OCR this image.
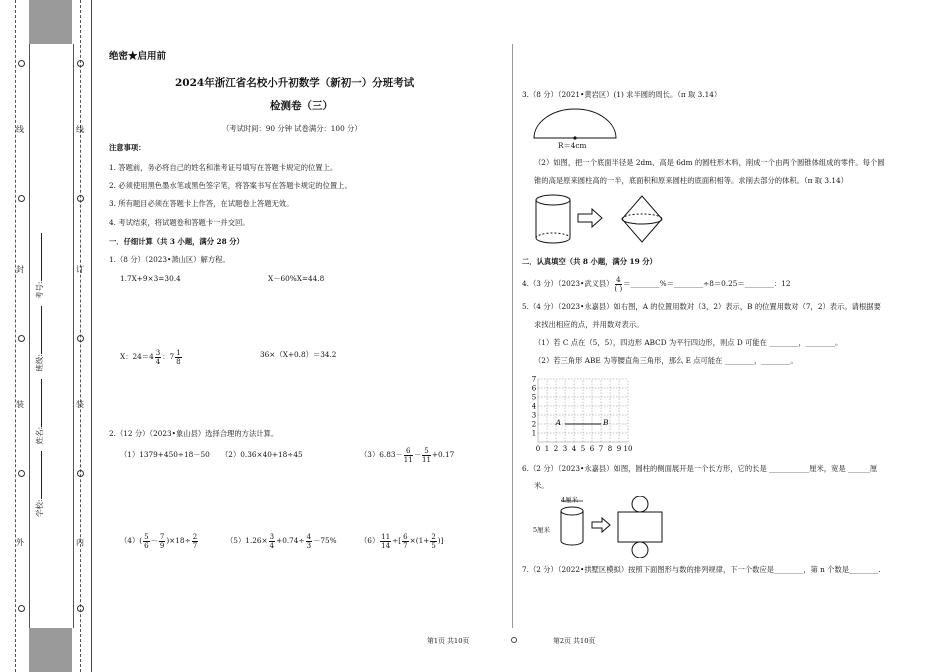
线
封
装
外
线
订
装
内
学校:   姓名:   班级:   考号:
绝密★启用前
2024年浙江省名校小升初数学（新初一）分班考试
检测卷（三）
（考试时间：90 分钟 试卷满分：100 分）
注意事项：
1. 答题前，务必将自己的姓名和准考证号填写在答题卡规定的位置上。
2. 必须使用黑色墨水笔或黑色签字笔，将答案书写在答题卡规定的位置上。
3. 所有题目必须在答题卡上作答，在试题卷上答题无效。
4. 考试结束，将试题卷和答题卡一并交回。
一．仔细计算（共 3 小题，满分 28 分）
1.（8 分）（2023•萧山区）解方程。
1.7X+9×3=30.4	X－60%X=44.8
X：$24=4 \frac{3}{4}$ ：$7 \frac{1}{8}$	36×（X+0.8）＝34.2
2.（12 分）（2023•象山县）选择合理的方法计算。
（1）1379+450÷18－50 （2）0.36×40+18÷45	$(3)6.83- \frac{6}{11} - \frac{5}{11} +0.17$
$(4)( \frac{5}{6} - \frac{7}{9} )\times 18\div \frac{2}{7}$	$(5)1.26\times \frac{3}{4} +0.74\div \frac{4}{3} -75\%$	$(6) \frac{11}{14}$ ÷[ $\frac{6}{7} \times(1+ \frac{2}{5}$ )]
3.（8 分）（2021•黄岩区）(1) 求半圆的周长。（π 取 3.14）
R＝4cm
（2）如图，把一个底面半径是 2dm、高是 6dm 的圆柱形木料，削成一个由两个圆锥体组成的零件。每个圆
锥的高是原来圆柱高的一半，底面积和原来圆柱的底面积相等。求削去部分的体积。（π 取 3.14）
二．认真填空（共 8 小题，满分 19 分）
4.（3 分）（2023•武义县） $\frac{4}{( )}$ ＝________%＝________÷8＝0.25＝________：12
5.（4 分）（2023•永嘉县）如右图，A 的位置用数对（3，2）表示，B 的位置用数对（7，2）表示。请根据要
求找出相应的点，并用数对表示。
（1）若 C 点在（5，5），四边形 ABCD 为平行四边形，则点 D 可能在 ________，________。
（2）若三角形 ABE 为等腰直角三角形，那么 E 点可能在 ________，________。
0 1 2 3 4 5 6 7 8 9 10
1
2
3
4
5
6
7
A	B
6.（2 分）（2023•永嘉县）如图，圆柱的侧面展开是一个长方形，它的长是 ___________厘米，宽是 ______厘
米。
4厘米
5厘米
7.（2 分）（2022•拱墅区模拟）按照下面图形与数的排列规律，下一个数应是________，第 n 个数是________.
第1页 共10页	第2页 共10页
